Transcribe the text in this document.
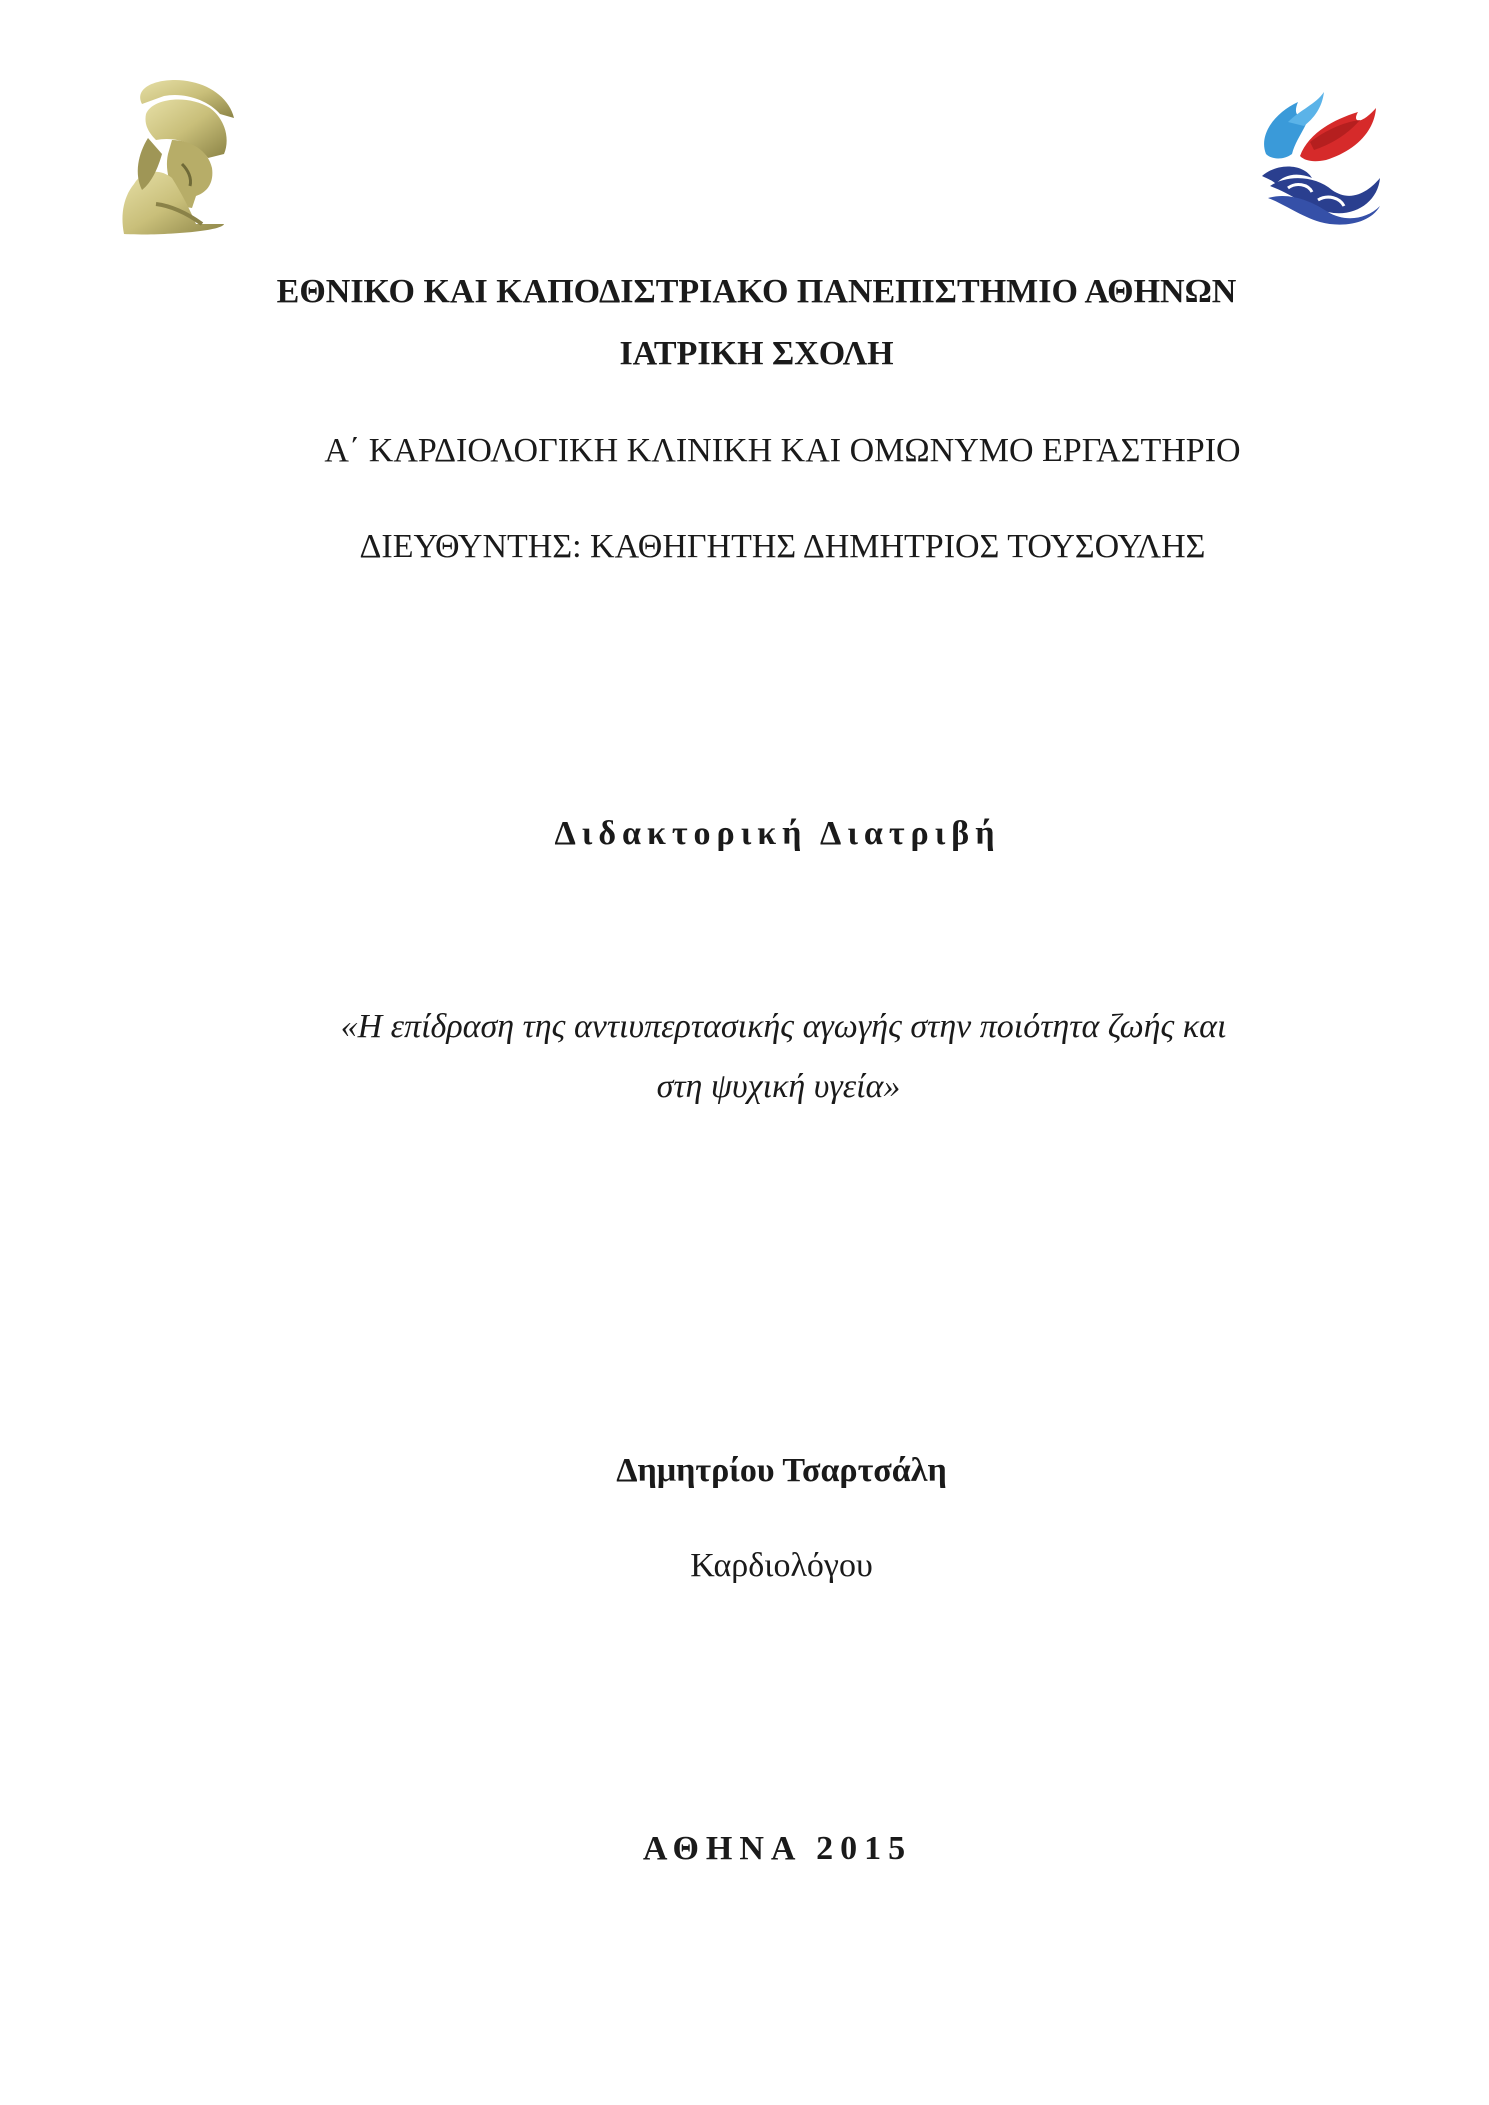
ΕΘΝΙΚΟ ΚΑΙ ΚΑΠΟΔΙΣΤΡΙΑΚΟ ΠΑΝΕΠΙΣΤΗΜΙΟ ΑΘΗΝΩΝ
ΙΑΤΡΙΚΗ ΣΧΟΛΗ
Α΄ ΚΑΡΔΙΟΛΟΓΙΚΗ ΚΛΙΝΙΚΗ ΚΑΙ ΟΜΩΝΥΜΟ ΕΡΓΑΣΤΗΡΙΟ
ΔΙΕΥΘΥΝΤΗΣ: ΚΑΘΗΓΗΤΗΣ ΔΗΜΗΤΡΙΟΣ ΤΟΥΣΟΥΛΗΣ
Διδακτορική Διατριβή
«Η επίδραση της αντιυπερτασικής αγωγής στην ποιότητα ζωής και
στη ψυχική υγεία»
Δημητρίου Τσαρτσάλη
Καρδιολόγου
ΑΘΗΝΑ 2015
